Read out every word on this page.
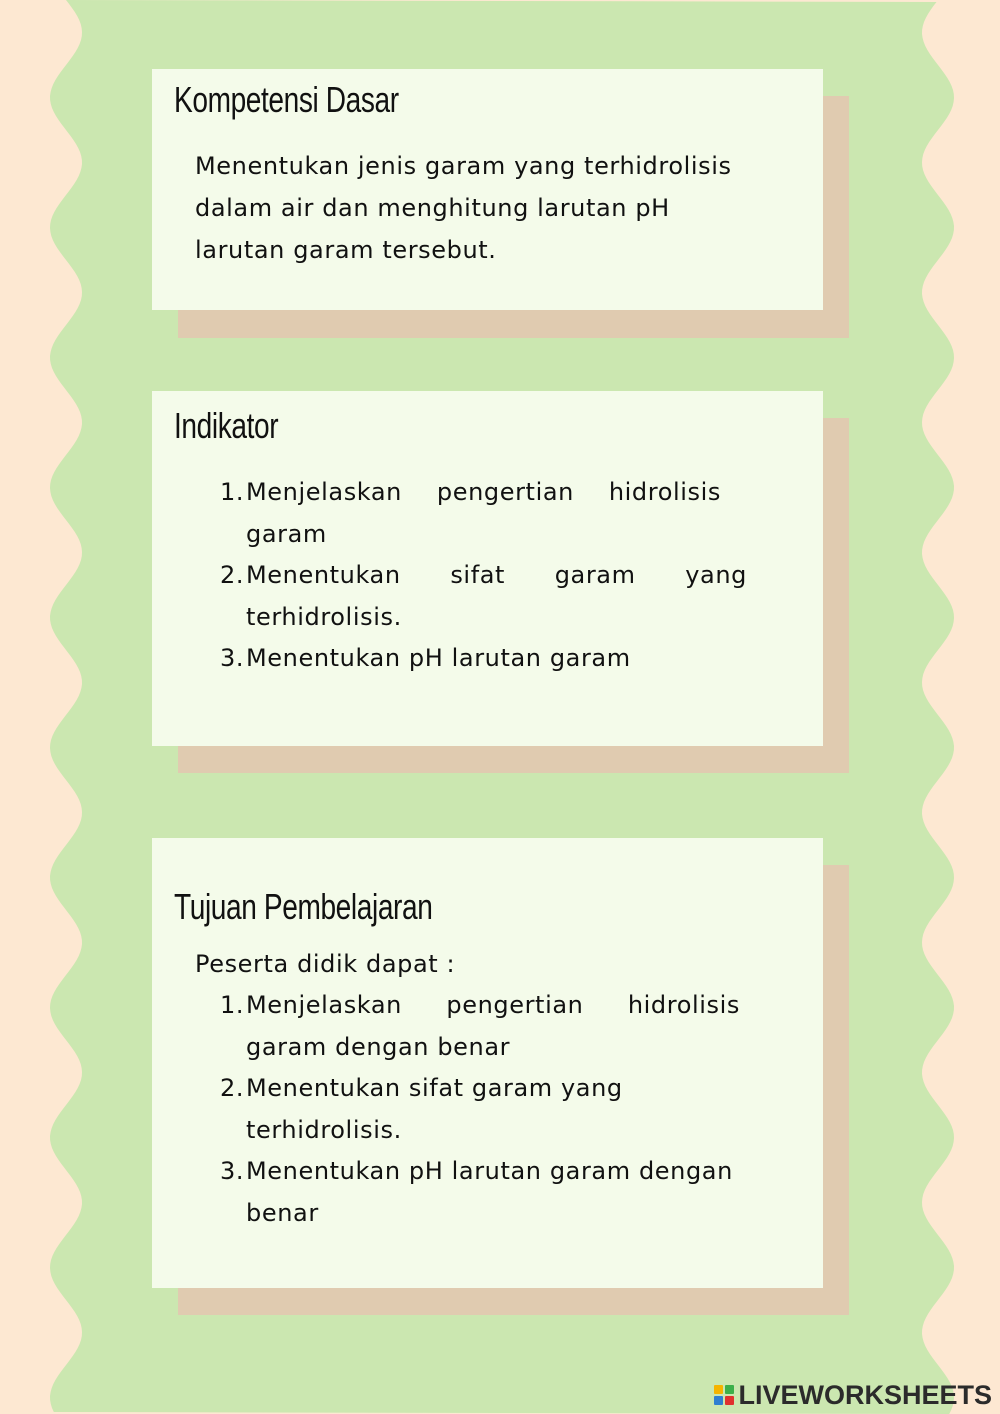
Kompetensi Dasar

Menentukan jenis garam yang terhidrolisis

dalam air dan menghitung larutan pH

larutan garam tersebut.

Indikator
1. Menjelaskan pengertian hidrolisis
garam
2. Menentukan sifat garam yang
terhidrolisis.
3. Menentukan pH larutan garam
Tujuan Pembelajaran

Peserta didik dapat :

1. Menjelaskan pengertian hidrolisis
garam dengan benar
2. Menentukan sifat garam yang
terhidrolisis.
3. Menentukan pH larutan garam dengan
benar
LIVEWORKSHEETS
